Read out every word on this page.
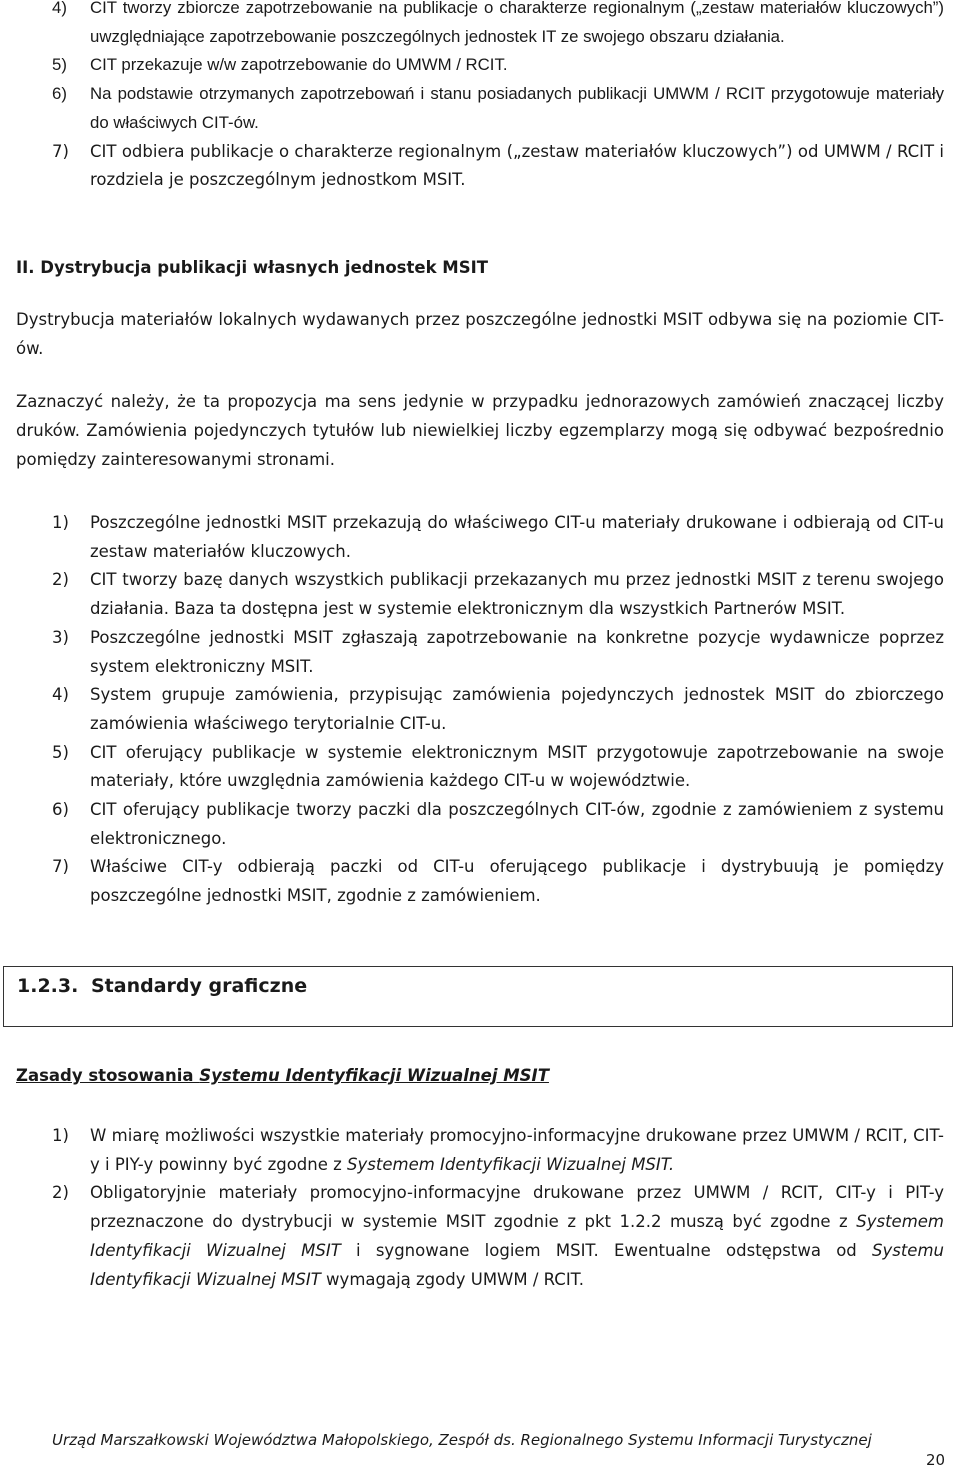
4) CIT tworzy zbiorcze zapotrzebowanie na publikacje o charakterze regionalnym („zestaw materiałów kluczowych”) uwzględniające zapotrzebowanie poszczególnych jednostek IT ze swojego obszaru działania.

5) CIT przekazuje w/w zapotrzebowanie do UMWM / RCIT.

6) Na podstawie otrzymanych zapotrzebowań i stanu posiadanych publikacji UMWM / RCIT przygotowuje materiały do właściwych CIT-ów.

7) CIT odbiera publikacje o charakterze regionalnym („zestaw materiałów kluczowych”) od UMWM / RCIT i rozdziela je poszczególnym jednostkom MSIT.

II. Dystrybucja publikacji własnych jednostek MSIT

Dystrybucja materiałów lokalnych wydawanych przez poszczególne jednostki MSIT odbywa się na poziomie CIT-ów.

Zaznaczyć należy, że ta propozycja ma sens jedynie w przypadku jednorazowych zamówień znaczącej liczby druków. Zamówienia pojedynczych tytułów lub niewielkiej liczby egzemplarzy mogą się odbywać bezpośrednio pomiędzy zainteresowanymi stronami.

1) Poszczególne jednostki MSIT przekazują do właściwego CIT-u materiały drukowane i odbierają od CIT-u zestaw materiałów kluczowych.

2) CIT tworzy bazę danych wszystkich publikacji przekazanych mu przez jednostki MSIT z terenu swojego działania. Baza ta dostępna jest w systemie elektronicznym dla wszystkich Partnerów MSIT.

3) Poszczególne jednostki MSIT zgłaszają zapotrzebowanie na konkretne pozycje wydawnicze poprzez system elektroniczny MSIT.

4) System grupuje zamówienia, przypisując zamówienia pojedynczych jednostek MSIT do zbiorczego zamówienia właściwego terytorialnie CIT-u.

5) CIT oferujący publikacje w systemie elektronicznym MSIT przygotowuje zapotrzebowanie na swoje materiały, które uwzględnia zamówienia każdego CIT-u w województwie.

6) CIT oferujący publikacje tworzy paczki dla poszczególnych CIT-ów, zgodnie z zamówieniem z systemu elektronicznego.

7) Właściwe CIT-y odbierają paczki od CIT-u oferującego publikacje i dystrybuują je pomiędzy poszczególne jednostki MSIT, zgodnie z zamówieniem.

1.2.3. Standardy graficzne

Zasady stosowania Systemu Identyfikacji Wizualnej MSIT

1) W miarę możliwości wszystkie materiały promocyjno-informacyjne drukowane przez UMWM / RCIT, CIT-y i PIY-y powinny być zgodne z Systemem Identyfikacji Wizualnej MSIT.

2) Obligatoryjnie materiały promocyjno-informacyjne drukowane przez UMWM / RCIT, CIT-y i PIT-y przeznaczone do dystrybucji w systemie MSIT zgodnie z pkt 1.2.2 muszą być zgodne z Systemem Identyfikacji Wizualnej MSIT i sygnowane logiem MSIT. Ewentualne odstępstwa od Systemu Identyfikacji Wizualnej MSIT wymagają zgody UMWM / RCIT.

Urząd Marszałkowski Województwa Małopolskiego, Zespół ds. Regionalnego Systemu Informacji Turystycznej
20
